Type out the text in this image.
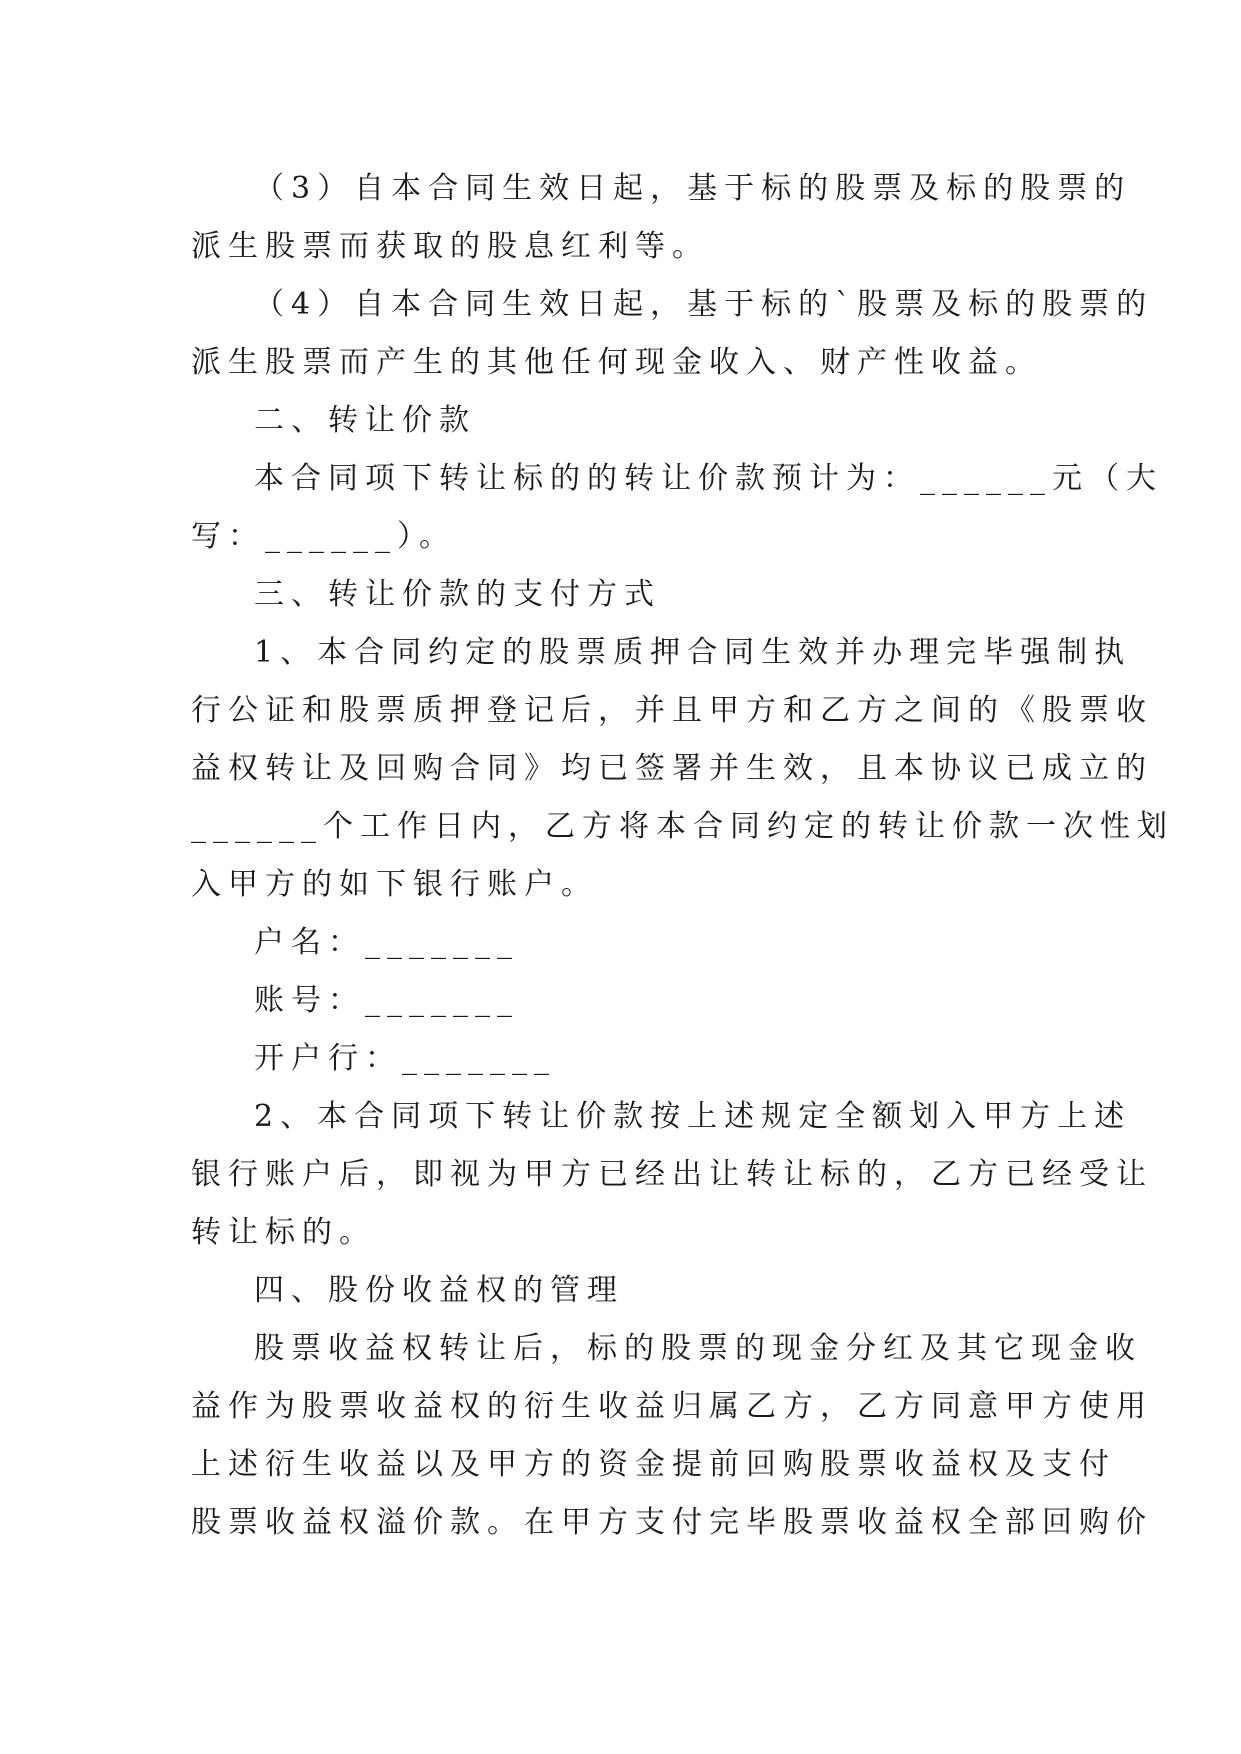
（3）自本合同生效日起，基于标的股票及标的股票的
派生股票而获取的股息红利等。
（4）自本合同生效日起，基于标的`股票及标的股票的
派生股票而产生的其他任何现金收入、财产性收益。
二、转让价款
本合同项下转让标的的转让价款预计为：______元（大
写：______）。
三、转让价款的支付方式
1、本合同约定的股票质押合同生效并办理完毕强制执
行公证和股票质押登记后，并且甲方和乙方之间的《股票收
益权转让及回购合同》均已签署并生效，且本协议已成立的
______个工作日内，乙方将本合同约定的转让价款一次性划
入甲方的如下银行账户。
户名：_______
账号：_______
开户行：_______
2、本合同项下转让价款按上述规定全额划入甲方上述
银行账户后，即视为甲方已经出让转让标的，乙方已经受让
转让标的。
四、股份收益权的管理
股票收益权转让后，标的股票的现金分红及其它现金收
益作为股票收益权的衍生收益归属乙方，乙方同意甲方使用
上述衍生收益以及甲方的资金提前回购股票收益权及支付
股票收益权溢价款。在甲方支付完毕股票收益权全部回购价
